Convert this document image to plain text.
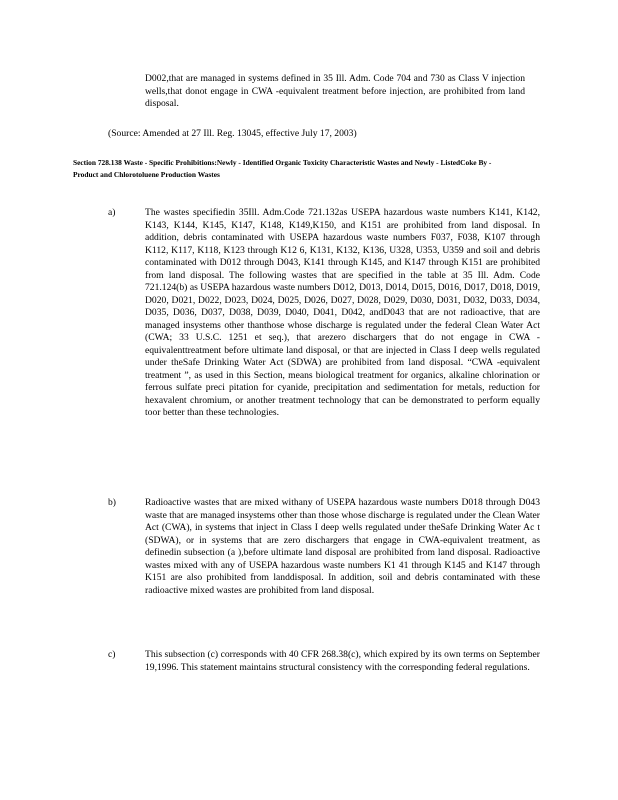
D002,that are managed in systems defined in 35 Ill. Adm. Code 704 and 730 as Class V injection wells,that donot engage in CWA -equivalent treatment before injection, are prohibited from land disposal.

(Source: Amended at 27 Ill. Reg. 13045, effective July 17, 2003)

Section 728.138 Waste - Specific Prohibitions:Newly - Identified Organic Toxicity Characteristic Wastes and Newly - ListedCoke By - Product and Chlorotoluene Production Wastes
a)	The wastes specifiedin 35Ill. Adm.Code 721.132as USEPA hazardous waste numbers K141, K142, K143, K144, K145, K147, K148, K149,K150, and K151 are prohibited from land disposal. In addition, debris contaminated with USEPA hazardous waste numbers F037, F038, K107 through K112, K117, K118, K123 through K12 6, K131, K132, K136, U328, U353, U359 and soil and debris contaminated with D012 through D043, K141 through K145, and K147 through K151 are prohibited from land disposal. The following wastes that are specified in the table at 35 Ill. Adm. Code 721.124(b) as USEPA hazardous waste numbers D012, D013, D014, D015, D016, D017, D018, D019, D020, D021, D022, D023, D024, D025, D026, D027, D028, D029, D030, D031, D032, D033, D034, D035, D036, D037, D038, D039, D040, D041, D042, andD043 that are not radioactive, that are managed insystems other thanthose whose discharge is regulated under the federal Clean Water Act (CWA; 33 U.S.C. 1251 et seq.), that arezero dischargers that do not engage in CWA -equivalenttreatment before ultimate land disposal, or that are injected in Class I deep wells regulated under theSafe Drinking Water Act (SDWA) are prohibited from land disposal. “CWA -equivalent treatment ”, as used in this Section, means biological treatment for organics, alkaline chlorination or ferrous sulfate preci pitation for cyanide, precipitation and sedimentation for metals, reduction for hexavalent chromium, or another treatment technology that can be demonstrated to perform equally toor better than these technologies.

b)	Radioactive wastes that are mixed withany of USEPA hazardous waste numbers D018 through D043 waste that are managed insystems other than those whose discharge is regulated under the Clean Water Act (CWA), in systems that inject in Class I deep wells regulated under theSafe Drinking Water Ac t (SDWA), or in systems that are zero dischargers that engage in CWA-equivalent treatment, as definedin subsection (a ),before ultimate land disposal are prohibited from land disposal. Radioactive wastes mixed with any of USEPA hazardous waste numbers K1 41 through K145 and K147 through K151 are also prohibited from landdisposal. In addition, soil and debris contaminated with these radioactive mixed wastes are prohibited from land disposal.

c)	This subsection (c) corresponds with 40 CFR 268.38(c), which expired by its own terms on September 19,1996. This statement maintains structural consistency with the corresponding federal regulations.
